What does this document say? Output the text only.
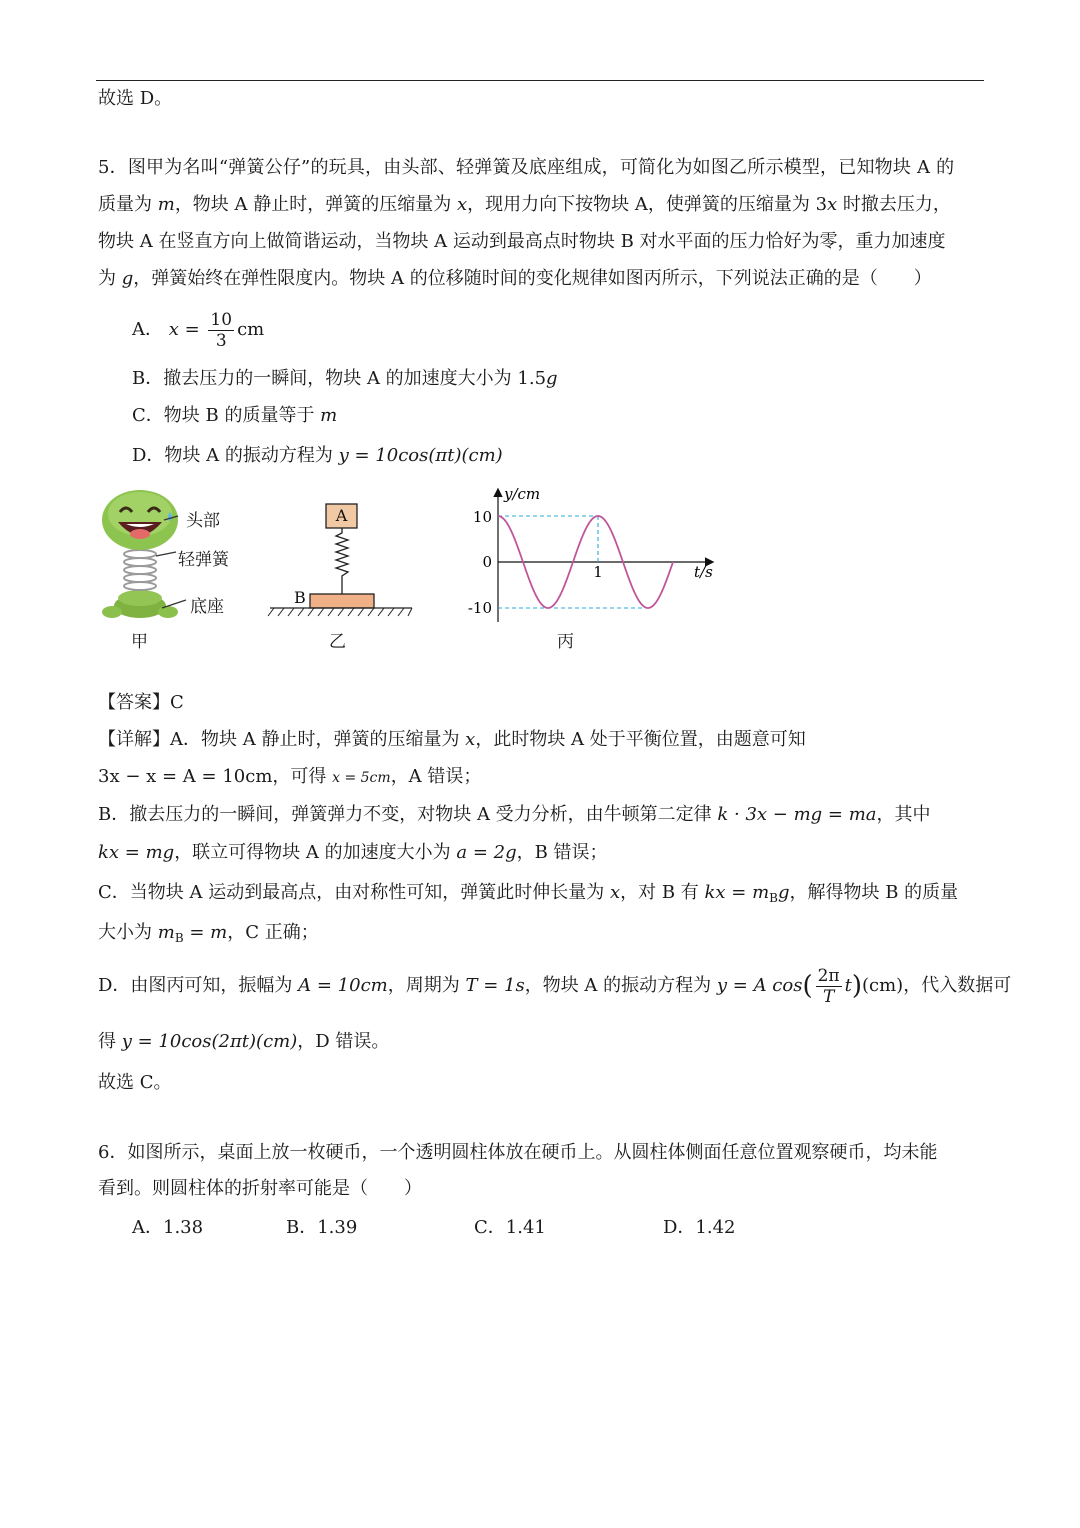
故选 D。
5．图甲为名叫“弹簧公仔”的玩具，由头部、轻弹簧及底座组成，可简化为如图乙所示模型，已知物块 A 的
质量为 m，物块 A 静止时，弹簧的压缩量为 x，现用力向下按物块 A，使弹簧的压缩量为 3x 时撤去压力，
物块 A 在竖直方向上做简谐运动，当物块 A 运动到最高点时物块 B 对水平面的压力恰好为零，重力加速度
为 g，弹簧始终在弹性限度内。物块 A 的位移随时间的变化规律如图丙所示，下列说法正确的是（　　）
A． $x = \frac{10}{3}$ cm
B．撤去压力的一瞬间，物块 A 的加速度大小为 1.5g
C．物块 B 的质量等于 m
D．物块 A 的振动方程为 y = 10cos(πt)(cm)
头部
轻弹簧
底座
甲
A
B
乙
y/cm
t/s
10
0
-10
1
丙
【答案】C
【详解】A．物块 A 静止时，弹簧的压缩量为 x，此时物块 A 处于平衡位置，由题意可知
3x − x = A = 10cm，可得 x = 5cm，A 错误；
B．撤去压力的一瞬间，弹簧弹力不变，对物块 A 受力分析，由牛顿第二定律 k · 3x − mg = ma，其中
kx = mg，联立可得物块 A 的加速度大小为 a = 2g，B 错误；
C．当物块 A 运动到最高点，由对称性可知，弹簧此时伸长量为 x，对 B 有 kx = $m_Bg$，解得物块 B 的质量
大小为 $m_B = m$，C 正确；
D．由图丙可知，振幅为 A = 10cm，周期为 T = 1s，物块 A 的振动方程为 y = A $\cos( \frac{2\pi}{T} t)(cm)$，代入数据可
得 y = 10cos(2πt)(cm)，D 错误。
故选 C。
6．如图所示，桌面上放一枚硬币，一个透明圆柱体放在硬币上。从圆柱体侧面任意位置观察硬币，均未能
看到。则圆柱体的折射率可能是（　　）
A．1.38	B．1.39	C．1.41	D．1.42
